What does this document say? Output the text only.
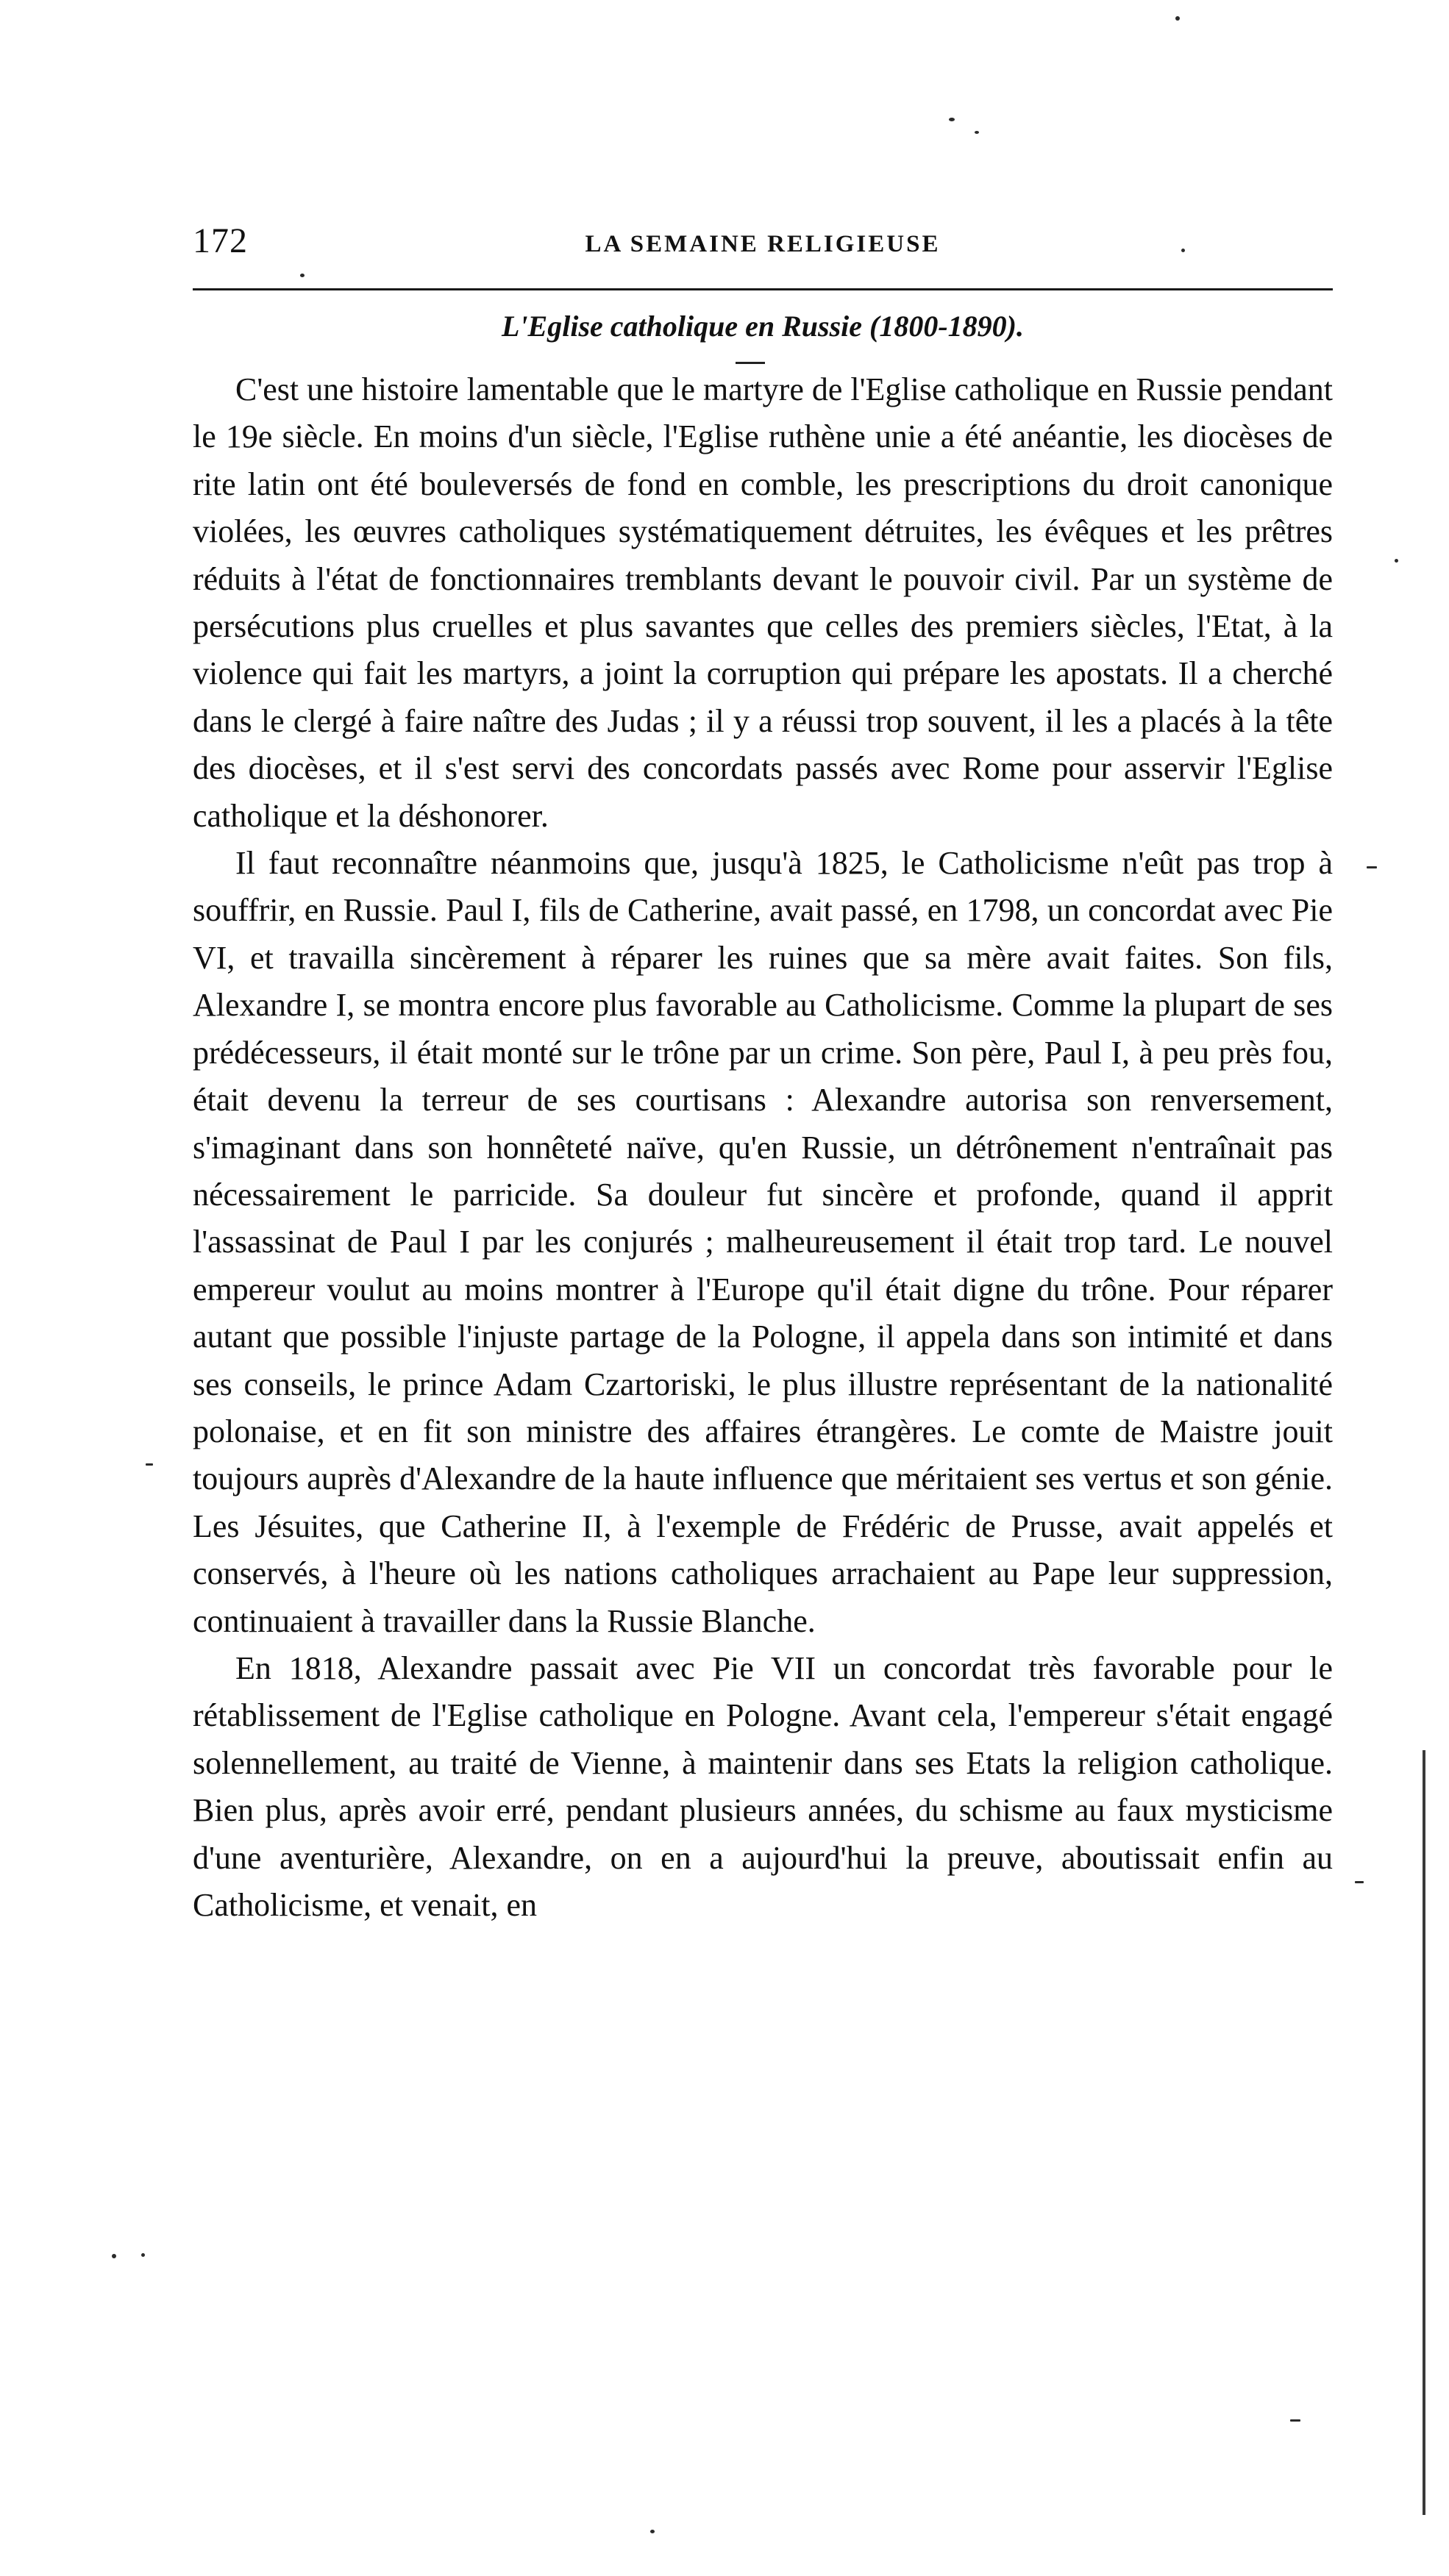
172	LA SEMAINE RELIGIEUSE
L'Eglise catholique en Russie (1800-1890).

C'est une histoire lamentable que le martyre de l'Eglise catholique en Russie pendant le 19e siècle. En moins d'un siècle, l'Eglise ruthène unie a été anéantie, les diocèses de rite latin ont été bouleversés de fond en comble, les prescriptions du droit canonique violées, les œuvres catholiques systématiquement détruites, les évêques et les prêtres réduits à l'état de fonctionnaires tremblants devant le pouvoir civil. Par un système de persécutions plus cruelles et plus savantes que celles des premiers siècles, l'Etat, à la violence qui fait les martyrs, a joint la corruption qui prépare les apostats. Il a cherché dans le clergé à faire naître des Judas ; il y a réussi trop souvent, il les a placés à la tête des diocèses, et il s'est servi des concordats passés avec Rome pour asservir l'Eglise catholique et la déshonorer.

Il faut reconnaître néanmoins que, jusqu'à 1825, le Catholicisme n'eût pas trop à souffrir, en Russie. Paul I, fils de Catherine, avait passé, en 1798, un concordat avec Pie VI, et travailla sincèrement à réparer les ruines que sa mère avait faites. Son fils, Alexandre I, se montra encore plus favorable au Catholicisme. Comme la plupart de ses prédécesseurs, il était monté sur le trône par un crime. Son père, Paul I, à peu près fou, était devenu la terreur de ses courtisans : Alexandre autorisa son renversement, s'imaginant dans son honnêteté naïve, qu'en Russie, un détrônement n'entraînait pas nécessairement le parricide. Sa douleur fut sincère et profonde, quand il apprit l'assassinat de Paul I par les conjurés ; malheureusement il était trop tard. Le nouvel empereur voulut au moins montrer à l'Europe qu'il était digne du trône. Pour réparer autant que possible l'injuste partage de la Pologne, il appela dans son intimité et dans ses conseils, le prince Adam Czartoriski, le plus illustre représentant de la nationalité polonaise, et en fit son ministre des affaires étrangères. Le comte de Maistre jouit toujours auprès d'Alexandre de la haute influence que méritaient ses vertus et son génie. Les Jésuites, que Catherine II, à l'exemple de Frédéric de Prusse, avait appelés et conservés, à l'heure où les nations catholiques arrachaient au Pape leur suppression, continuaient à travailler dans la Russie Blanche.

En 1818, Alexandre passait avec Pie VII un concordat très favorable pour le rétablissement de l'Eglise catholique en Pologne. Avant cela, l'empereur s'était engagé solennellement, au traité de Vienne, à maintenir dans ses Etats la religion catholique. Bien plus, après avoir erré, pendant plusieurs années, du schisme au faux mysticisme d'une aventurière, Alexandre, on en a aujourd'hui la preuve, aboutissait enfin au Catholicisme, et venait, en
